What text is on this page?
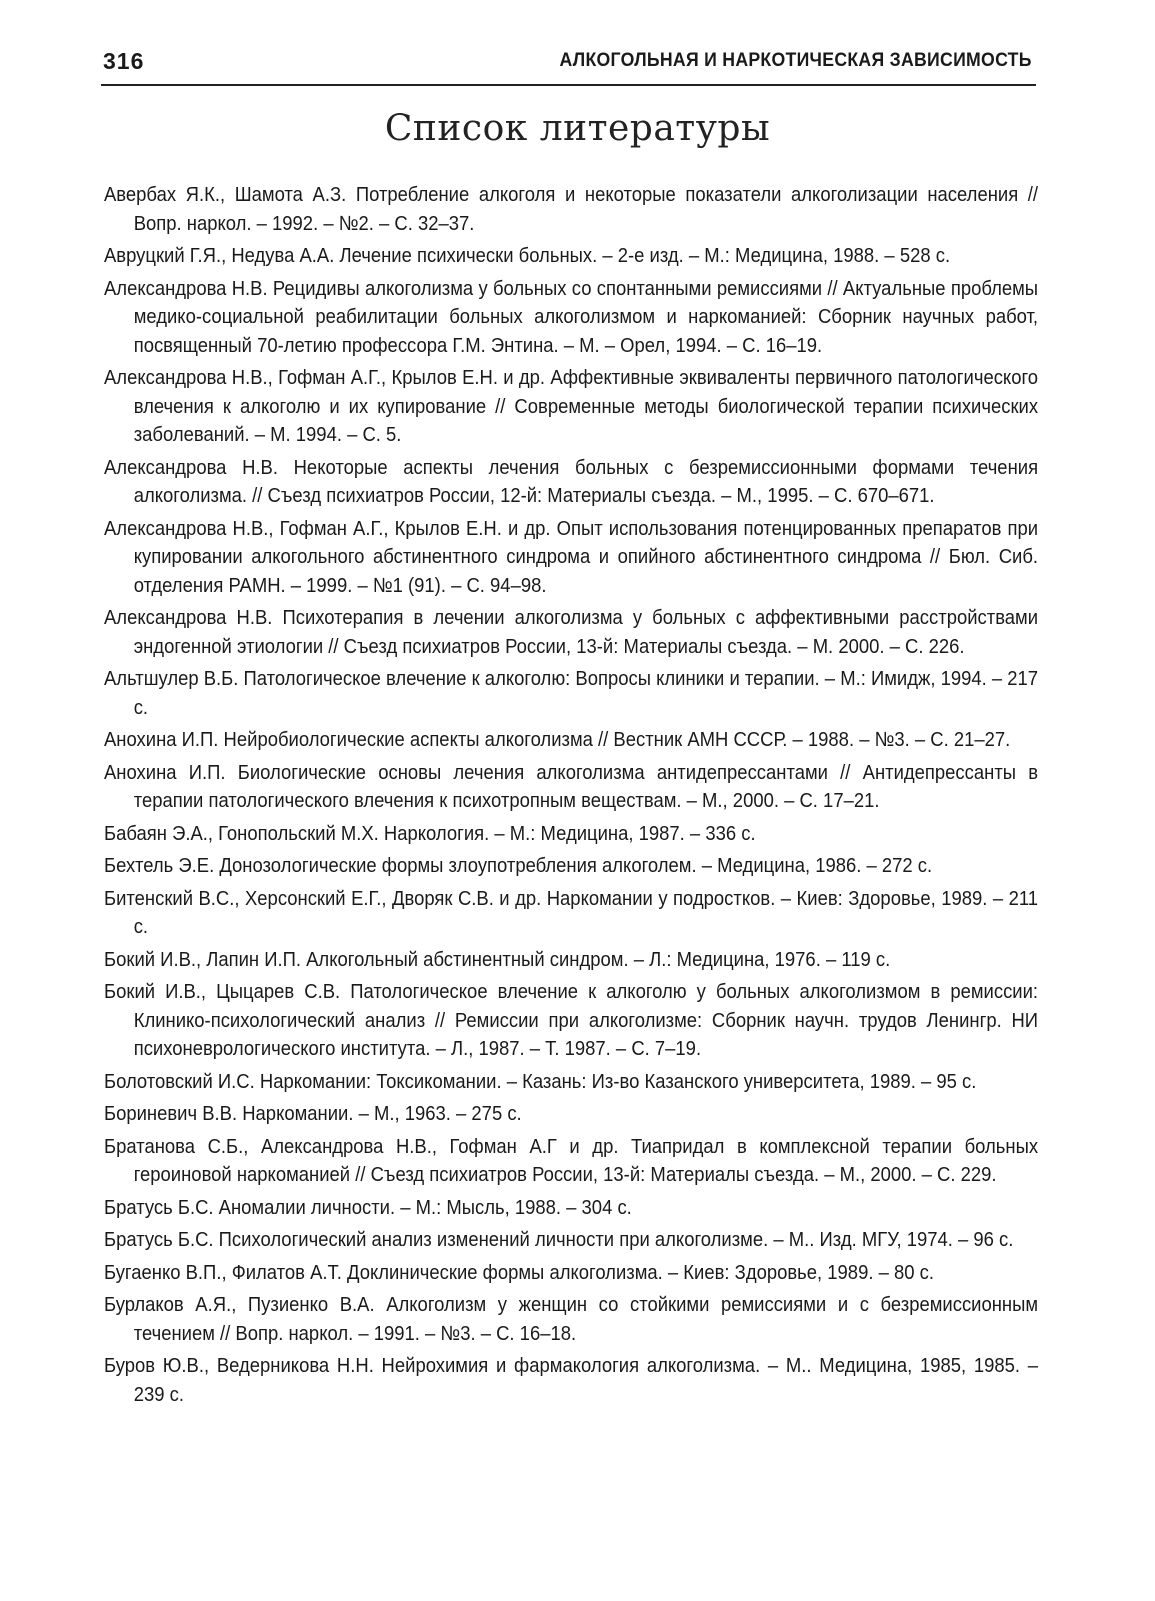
316	АЛКОГОЛЬНАЯ И НАРКОТИЧЕСКАЯ ЗАВИСИМОСТЬ
Список литературы
Авербах Я.К., Шамота А.З. Потребление алкоголя и некоторые показатели алкоголизации населения // Вопр. наркол. – 1992. – №2. – С. 32–37.
Авруцкий Г.Я., Недува А.А. Лечение психически больных. – 2-е изд. – М.: Медицина, 1988. – 528 с.
Александрова Н.В. Рецидивы алкоголизма у больных со спонтанными ремиссиями // Актуальные проблемы медико-социальной реабилитации больных алкоголизмом и наркоманией: Сборник научных работ, посвященный 70-летию профессора Г.М. Энтина. – М. – Орел, 1994. – С. 16–19.
Александрова Н.В., Гофман А.Г., Крылов Е.Н. и др. Аффективные эквиваленты первичного патологического влечения к алкоголю и их купирование // Современные методы биологической терапии психических заболеваний. – М. 1994. – С. 5.
Александрова Н.В. Некоторые аспекты лечения больных с безремиссионными формами течения алкоголизма. // Съезд психиатров России, 12-й: Материалы съезда. – М., 1995. – С. 670–671.
Александрова Н.В., Гофман А.Г., Крылов Е.Н. и др. Опыт использования потенцированных препаратов при купировании алкогольного абстинентного синдрома и опийного абстинентного синдрома // Бюл. Сиб. отделения РАМН. – 1999. – №1 (91). – С. 94–98.
Александрова Н.В. Психотерапия в лечении алкоголизма у больных с аффективными расстройствами эндогенной этиологии // Съезд психиатров России, 13-й: Материалы съезда. – М. 2000. – С. 226.
Альтшулер В.Б. Патологическое влечение к алкоголю: Вопросы клиники и терапии. – М.: Имидж, 1994. – 217 с.
Анохина И.П. Нейробиологические аспекты алкоголизма // Вестник АМН СССР. – 1988. – №3. – С. 21–27.
Анохина И.П. Биологические основы лечения алкоголизма антидепрессантами // Антидепрессанты в терапии патологического влечения к психотропным веществам. – М., 2000. – С. 17–21.
Бабаян Э.А., Гонопольский М.Х. Наркология. – М.: Медицина, 1987. – 336 с.
Бехтель Э.Е. Донозологические формы злоупотребления алкоголем. – Медицина, 1986. – 272 с.
Битенский В.С., Херсонский Е.Г., Дворяк С.В. и др. Наркомании у подростков. – Киев: Здоровье, 1989. – 211 с.
Бокий И.В., Лапин И.П. Алкогольный абстинентный синдром. – Л.: Медицина, 1976. – 119 с.
Бокий И.В., Цыцарев С.В. Патологическое влечение к алкоголю у больных алкоголизмом в ремиссии: Клинико-психологический анализ // Ремиссии при алкоголизме: Сборник научн. трудов Ленингр. НИ психоневрологического института. – Л., 1987. – Т. 1987. – С. 7–19.
Болотовский И.С. Наркомании: Токсикомании. – Казань: Из-во Казанского университета, 1989. – 95 с.
Бориневич В.В. Наркомании. – М., 1963. – 275 с.
Братанова С.Б., Александрова Н.В., Гофман А.Г и др. Тиапридал в комплексной терапии больных героиновой наркоманией // Съезд психиатров России, 13-й: Материалы съезда. – М., 2000. – С. 229.
Братусь Б.С. Аномалии личности. – М.: Мысль, 1988. – 304 с.
Братусь Б.С. Психологический анализ изменений личности при алкоголизме. – М.. Изд. МГУ, 1974. – 96 с.
Бугаенко В.П., Филатов А.Т. Доклинические формы алкоголизма. – Киев: Здоровье, 1989. – 80 с.
Бурлаков А.Я., Пузиенко В.А. Алкоголизм у женщин со стойкими ремиссиями и с безремиссионным течением // Вопр. наркол. – 1991. – №3. – С. 16–18.
Буров Ю.В., Ведерникова Н.Н. Нейрохимия и фармакология алкоголизма. – М.. Медицина, 1985, 1985. – 239 с.
